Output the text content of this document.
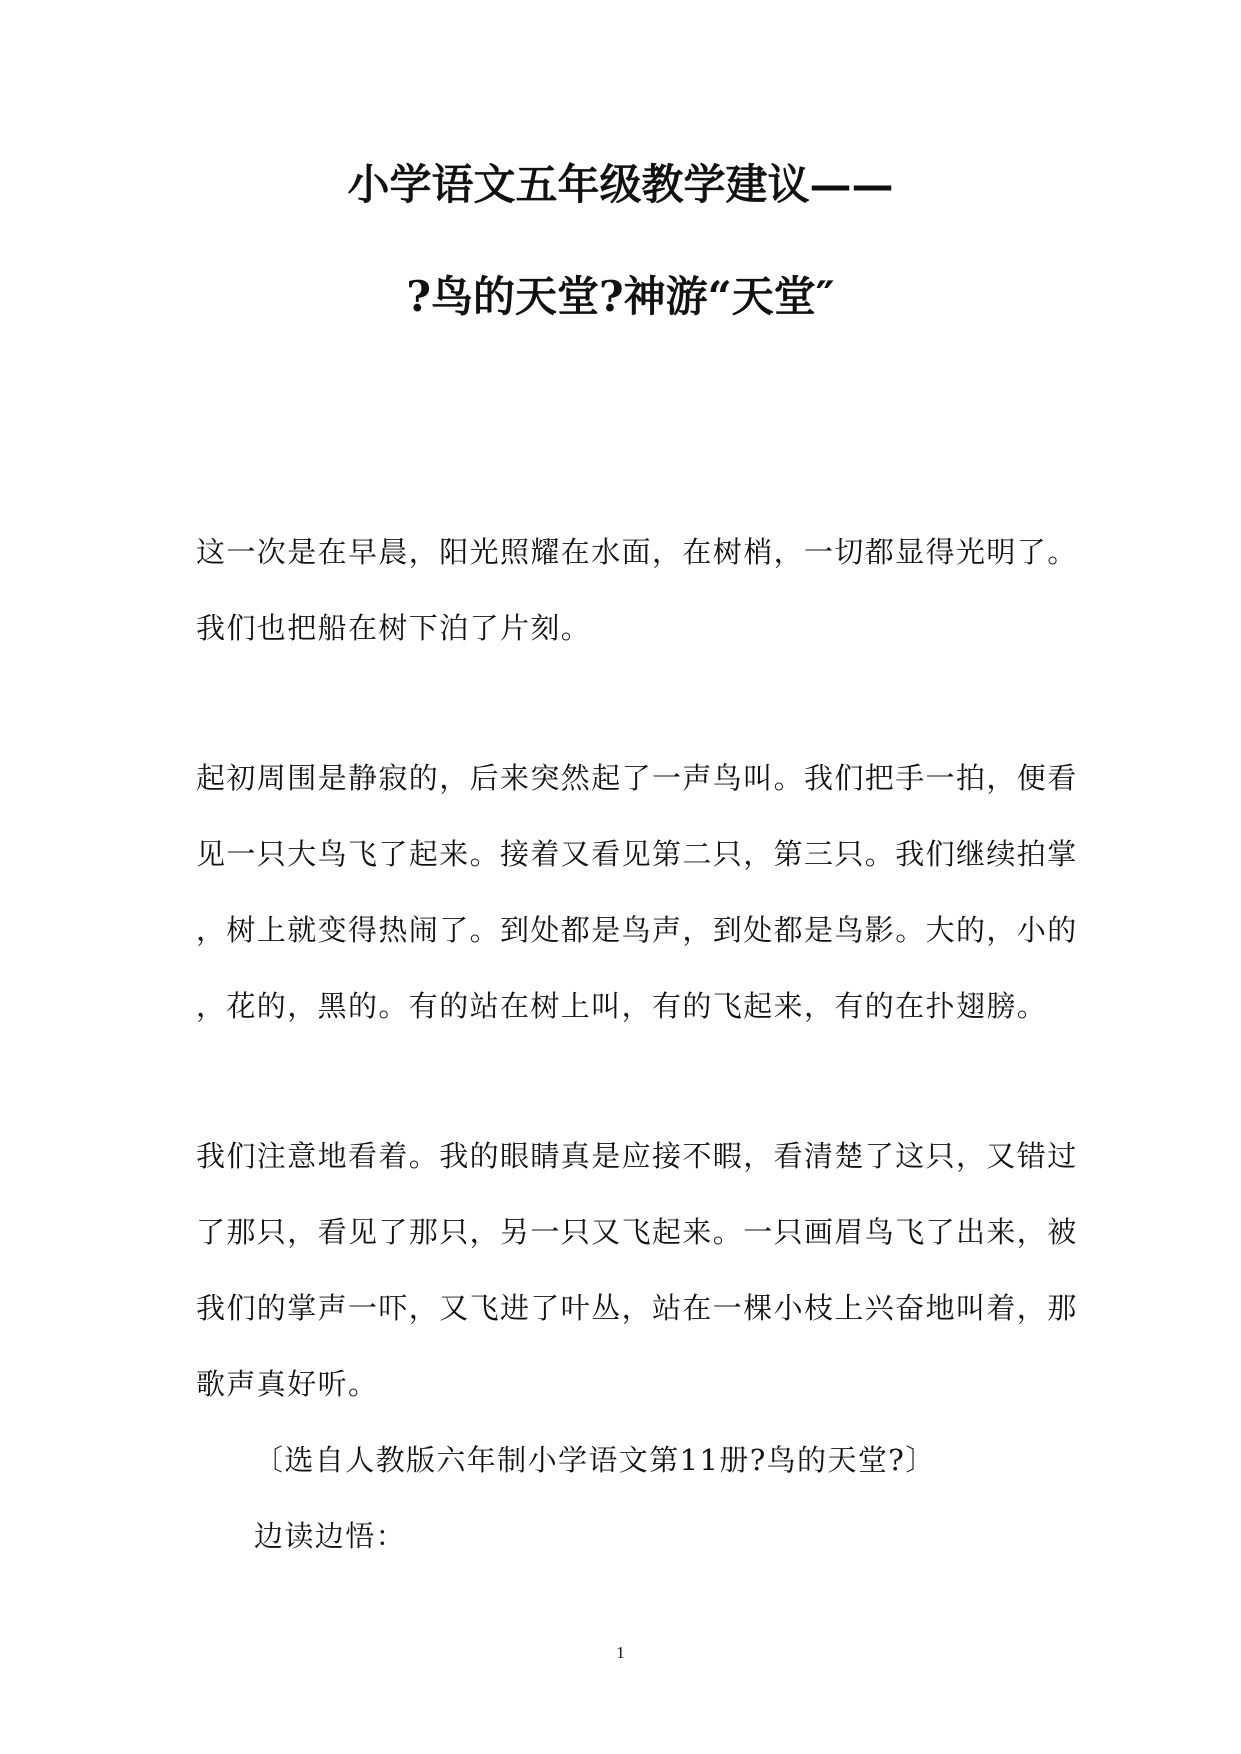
小学语文五年级教学建议——
?鸟的天堂?神游“天堂″
这一次是在早晨，阳光照耀在水面，在树梢，一切都显得光明了。
我们也把船在树下泊了片刻。
起初周围是静寂的，后来突然起了一声鸟叫。我们把手一拍，便看
见一只大鸟飞了起来。接着又看见第二只，第三只。我们继续拍掌
，树上就变得热闹了。到处都是鸟声，到处都是鸟影。大的，小的
，花的，黑的。有的站在树上叫，有的飞起来，有的在扑翅膀。
我们注意地看着。我的眼睛真是应接不暇，看清楚了这只，又错过
了那只，看见了那只，另一只又飞起来。一只画眉鸟飞了出来，被
我们的掌声一吓，又飞进了叶丛，站在一棵小枝上兴奋地叫着，那
歌声真好听。
〔选自人教版六年制小学语文第11册?鸟的天堂?〕
边读边悟：
1
